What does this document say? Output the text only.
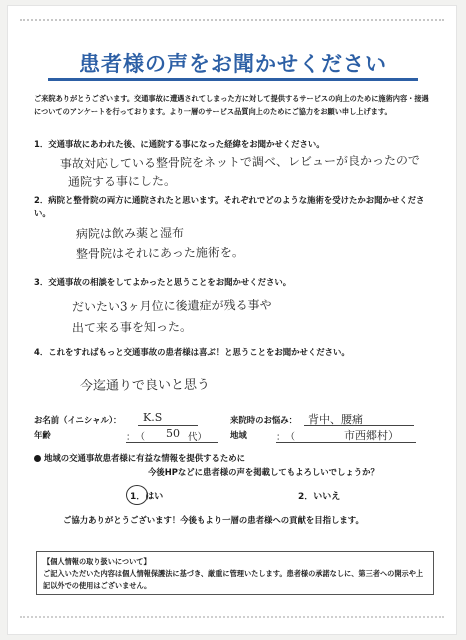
患者様の声をお聞かせください
ご来院ありがとうございます。交通事故に遭遇されてしまった方に対して提供するサービスの向上のために施術内容・接遇についてのアンケートを行っております。より一層のサービス品質向上のためにご協力をお願い申し上げます。
1．交通事故にあわれた後、に通院する事になった経緯をお聞かせください。
事故対応している整骨院をネットで調べ、レビューが良かったので
通院する事にした。
2．病院と整骨院の両方に通院されたと思います。それぞれでどのような施術を受けたかお聞かせください。
病院は飲み薬と湿布
整骨院はそれにあった施術を。
3．交通事故の相談をしてよかったと思うことをお聞かせください。
だいたい3ヶ月位に後遺症が残る事や
出て来る事を知った。
4．これをすればもっと交通事故の患者様は喜ぶ！と思うことをお聞かせください。
今迄通りで良いと思う
お名前（イニシャル）： K.S
年齢	：　（ 50 代）
来院時のお悩み： 背中、腰痛
地域	：　（	市西郷村）
地域の交通事故患者様に有益な情報を提供するために
今後HPなどに患者様の声を掲載してもよろしいでしょうか？
1．はい	2．いいえ
ご協力ありがとうございます！今後もより一層の患者様への貢献を目指します。
【個人情報の取り扱いについて】
ご記入いただいた内容は個人情報保護法に基づき、厳重に管理いたします。患者様の承諾なしに、第三者への開示や上記以外での使用はございません。
